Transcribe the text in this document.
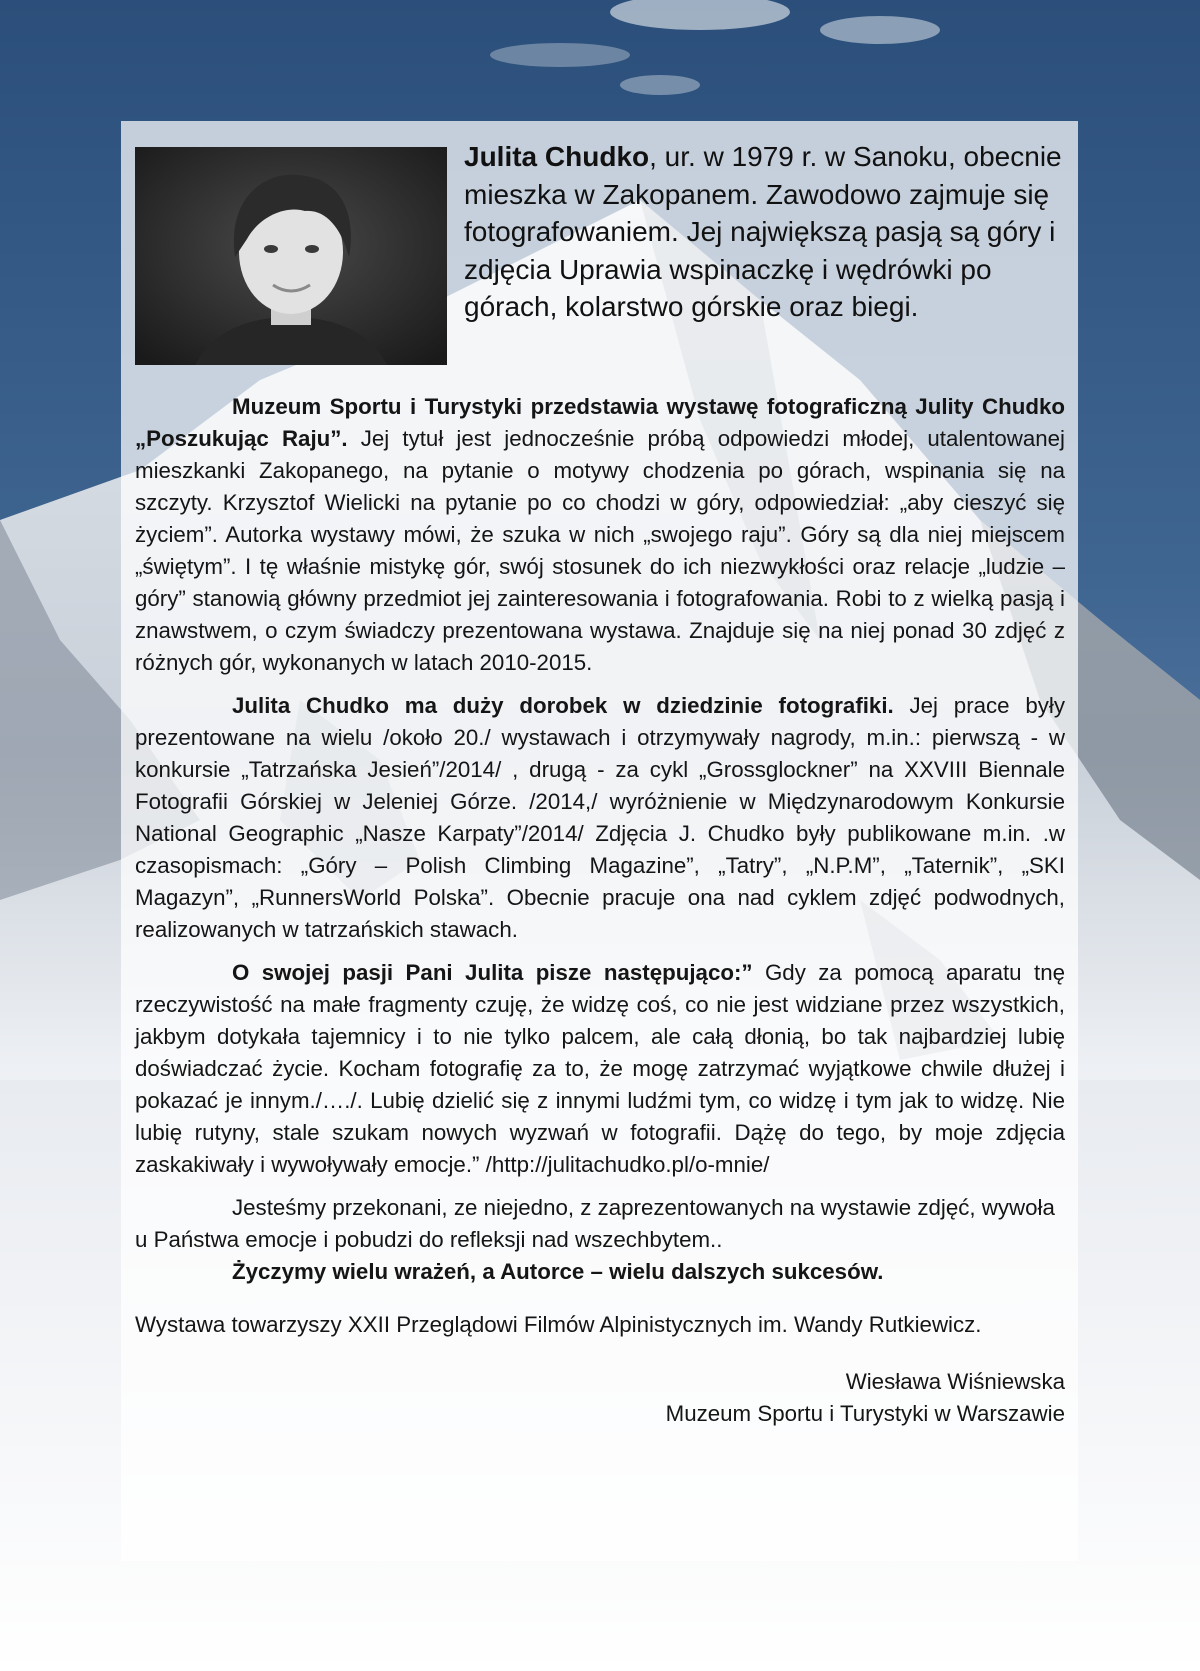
Julita Chudko, ur. w 1979 r. w Sanoku, obecnie mieszka w Zakopanem. Zawodowo zajmuje się fotografowaniem. Jej największą pasją są góry i zdjęcia Uprawia wspinaczkę i wędrówki po górach, kolarstwo górskie oraz biegi.

Muzeum Sportu i Turystyki przedstawia wystawę fotograficzną Julity Chudko „Poszukując Raju”. Jej tytuł jest jednocześnie próbą odpowiedzi młodej, utalentowanej mieszkanki Zakopanego, na pytanie o motywy chodzenia po górach, wspinania się na szczyty. Krzysztof Wielicki na pytanie po co chodzi w góry, odpowiedział: „aby cieszyć się życiem”. Autorka wystawy mówi, że szuka w nich „swojego raju”. Góry są dla niej miejscem „świętym”. I tę właśnie mistykę gór, swój stosunek do ich niezwykłości oraz relacje „ludzie – góry” stanowią główny przedmiot jej zainteresowania i fotografowania. Robi to z wielką pasją i znawstwem, o czym świadczy prezentowana wystawa. Znajduje się na niej ponad 30 zdjęć z różnych gór, wykonanych w latach 2010-2015.

Julita Chudko ma duży dorobek w dziedzinie fotografiki. Jej prace były prezentowane na wielu /około 20./ wystawach i otrzymywały nagrody, m.in.: pierwszą - w konkursie „Tatrzańska Jesień”/2014/ , drugą - za cykl „Grossglockner” na XXVIII Biennale Fotografii Górskiej w Jeleniej Górze. /2014,/ wyróżnienie w Międzynarodowym Konkursie National Geographic „Nasze Karpaty”/2014/ Zdjęcia J. Chudko były publikowane m.in. .w czasopismach: „Góry – Polish Climbing Magazine”, „Tatry”, „N.P.M”, „Taternik”, „SKI Magazyn”, „RunnersWorld Polska”. Obecnie pracuje ona nad cyklem zdjęć podwodnych, realizowanych w tatrzańskich stawach.

O swojej pasji Pani Julita pisze następująco:” Gdy za pomocą aparatu tnę rzeczywistość na małe fragmenty czuję, że widzę coś, co nie jest widziane przez wszystkich, jakbym dotykała tajemnicy i to nie tylko palcem, ale całą dłonią, bo tak najbardziej lubię doświadczać życie. Kocham fotografię za to, że mogę zatrzymać wyjątkowe chwile dłużej i pokazać je innym./…./. Lubię dzielić się z innymi ludźmi tym, co widzę i tym jak to widzę. Nie lubię rutyny, stale szukam nowych wyzwań w fotografii. Dążę do tego, by moje zdjęcia zaskakiwały i wywoływały emocje.” /http://julitachudko.pl/o-mnie/

Jesteśmy przekonani, ze niejedno, z zaprezentowanych na wystawie zdjęć, wywoła u Państwa emocje i pobudzi do refleksji nad wszechbytem..

Życzymy wielu wrażeń, a Autorce – wielu dalszych sukcesów.

Wystawa towarzyszy XXII Przeglądowi Filmów Alpinistycznych im. Wandy Rutkiewicz.
Wiesława Wiśniewska
Muzeum Sportu i Turystyki w Warszawie
